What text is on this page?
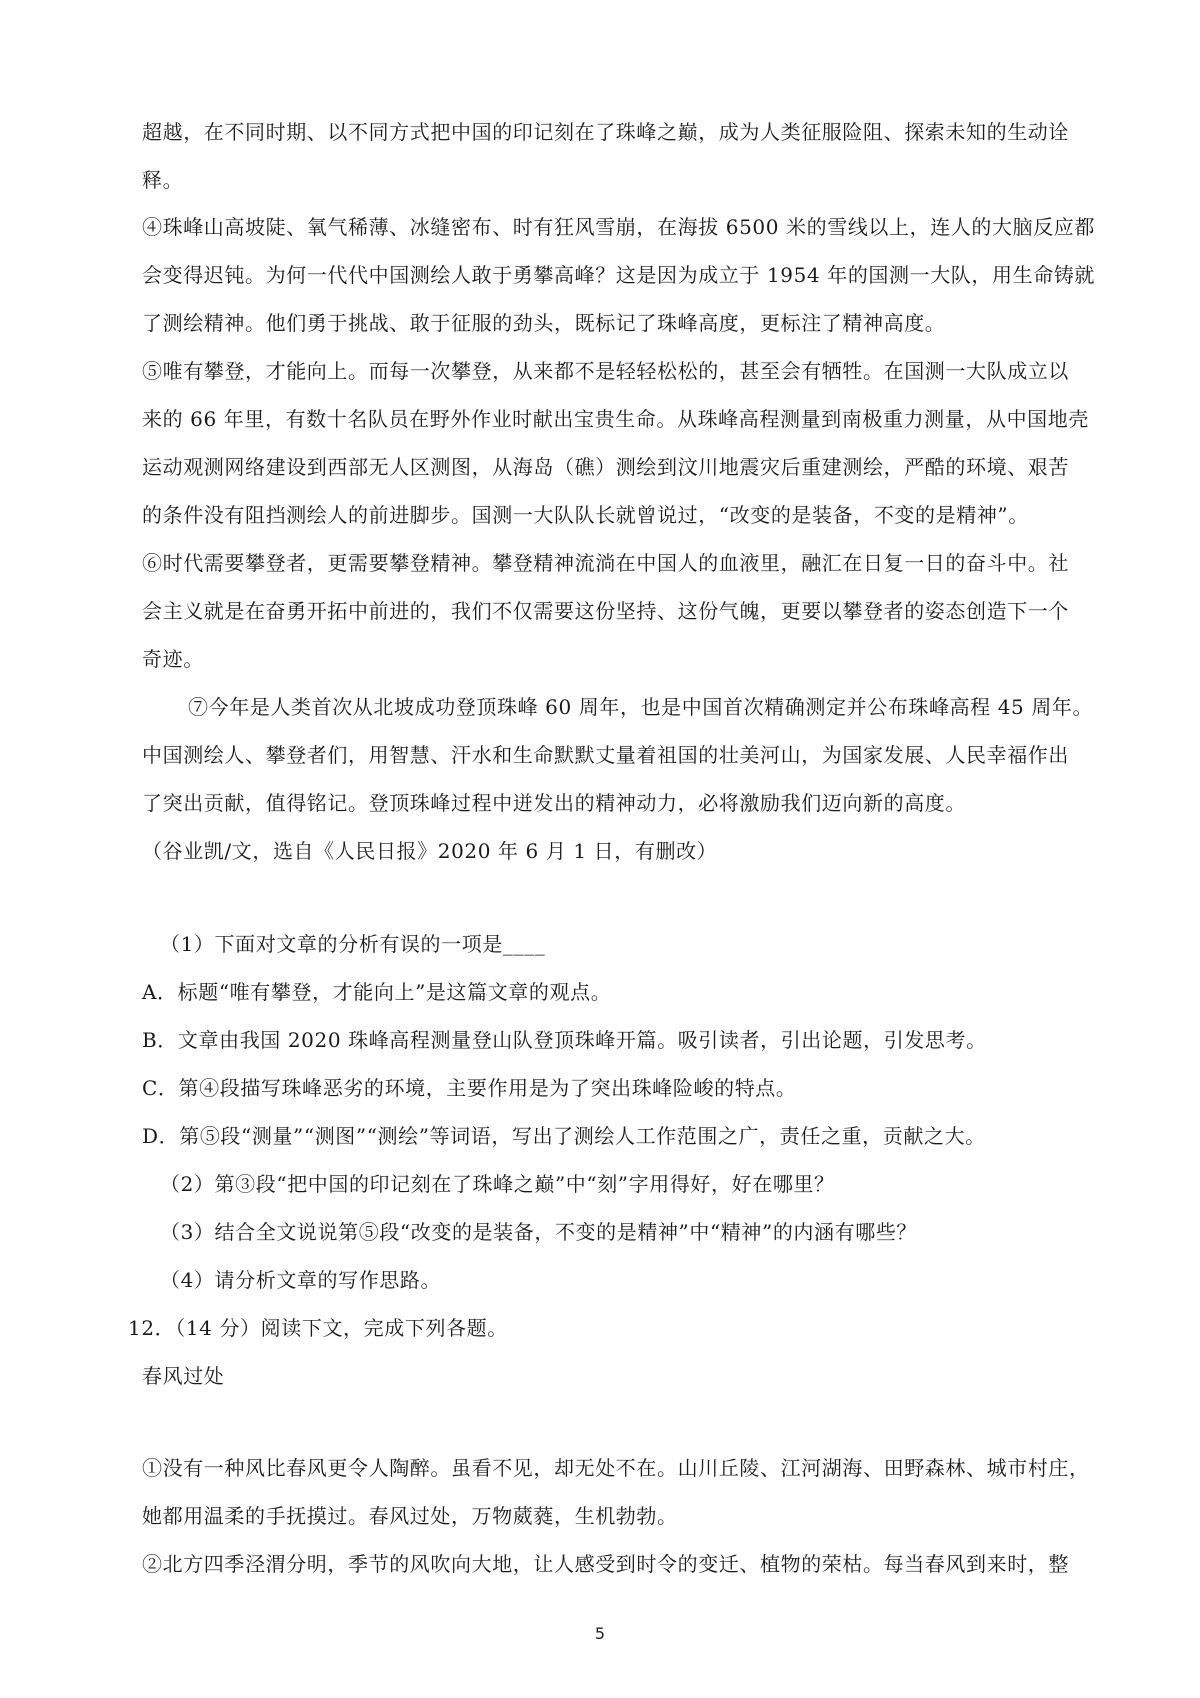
超越，在不同时期、以不同方式把中国的印记刻在了珠峰之巅，成为人类征服险阻、探索未知的生动诠
释。
④珠峰山高坡陡、氧气稀薄、冰缝密布、时有狂风雪崩，在海拔 6500 米的雪线以上，连人的大脑反应都
会变得迟钝。为何一代代中国测绘人敢于勇攀高峰？这是因为成立于 1954 年的国测一大队，用生命铸就
了测绘精神。他们勇于挑战、敢于征服的劲头，既标记了珠峰高度，更标注了精神高度。
⑤唯有攀登，才能向上。而每一次攀登，从来都不是轻轻松松的，甚至会有牺牲。在国测一大队成立以
来的 66 年里，有数十名队员在野外作业时献出宝贵生命。从珠峰高程测量到南极重力测量，从中国地壳
运动观测网络建设到西部无人区测图，从海岛（礁）测绘到汶川地震灾后重建测绘，严酷的环境、艰苦
的条件没有阻挡测绘人的前进脚步。国测一大队队长就曾说过，“改变的是装备，不变的是精神”。
⑥时代需要攀登者，更需要攀登精神。攀登精神流淌在中国人的血液里，融汇在日复一日的奋斗中。社
会主义就是在奋勇开拓中前进的，我们不仅需要这份坚持、这份气魄，更要以攀登者的姿态创造下一个
奇迹。
⑦今年是人类首次从北坡成功登顶珠峰 60 周年，也是中国首次精确测定并公布珠峰高程 45 周年。
中国测绘人、攀登者们，用智慧、汗水和生命默默丈量着祖国的壮美河山，为国家发展、人民幸福作出
了突出贡献，值得铭记。登顶珠峰过程中迸发出的精神动力，必将激励我们迈向新的高度。
（谷业凯/文，选自《人民日报》2020 年 6 月 1 日，有删改）
（1）下面对文章的分析有误的一项是____
A．标题“唯有攀登，才能向上”是这篇文章的观点。
B．文章由我国 2020 珠峰高程测量登山队登顶珠峰开篇。吸引读者，引出论题，引发思考。
C．第④段描写珠峰恶劣的环境，主要作用是为了突出珠峰险峻的特点。
D．第⑤段“测量”“测图”“测绘”等词语，写出了测绘人工作范围之广，责任之重，贡献之大。
（2）第③段“把中国的印记刻在了珠峰之巅”中“刻”字用得好，好在哪里？
（3）结合全文说说第⑤段“改变的是装备，不变的是精神”中“精神”的内涵有哪些？
（4）请分析文章的写作思路。
12．（14 分）阅读下文，完成下列各题。
春风过处
①没有一种风比春风更令人陶醉。虽看不见，却无处不在。山川丘陵、江河湖海、田野森林、城市村庄，
她都用温柔的手抚摸过。春风过处，万物葳蕤，生机勃勃。
②北方四季泾渭分明，季节的风吹向大地，让人感受到时令的变迁、植物的荣枯。每当春风到来时，整
5
